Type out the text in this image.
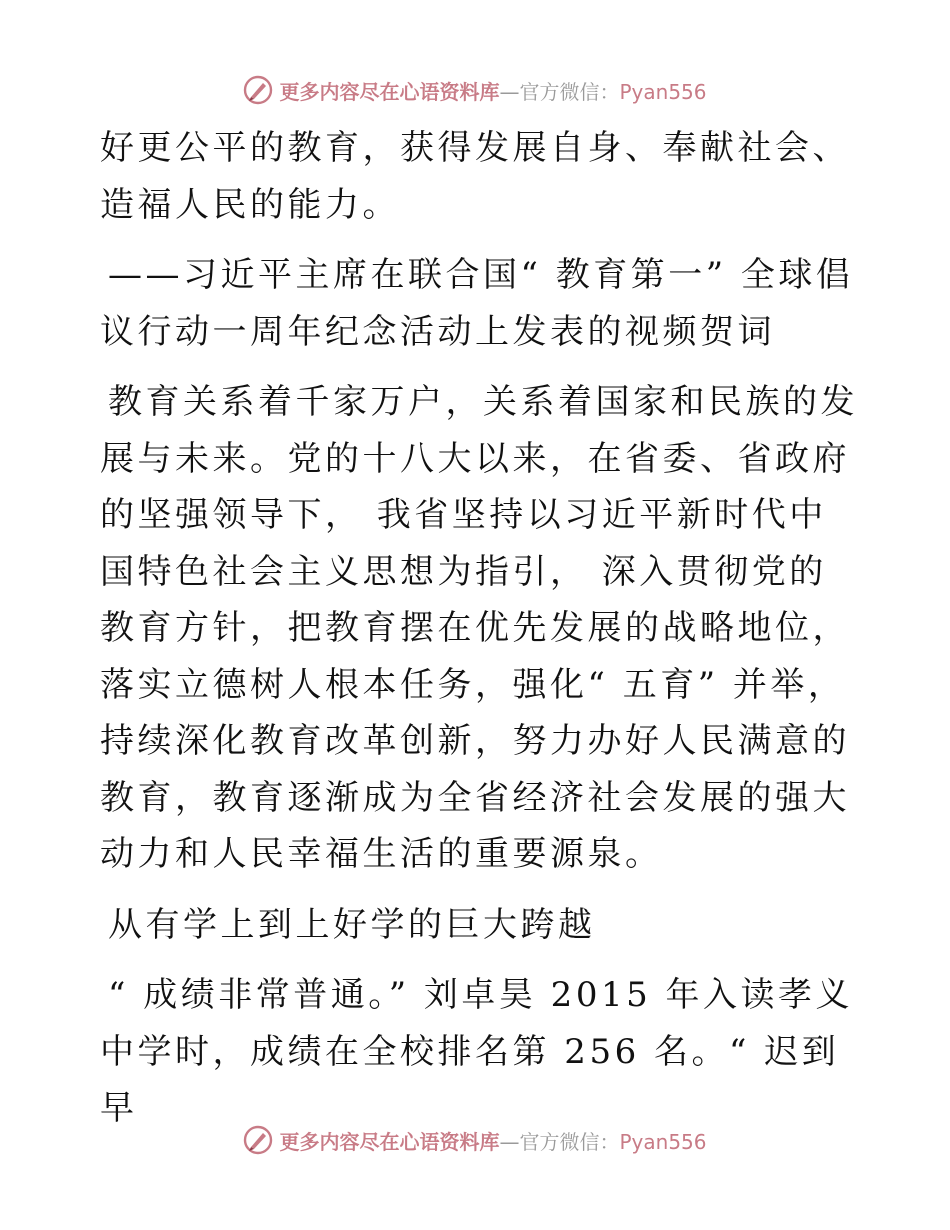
更多内容尽在心语资料库—官方微信：Pyan556

好更公平的教育，获得发展自身、奉献社会、造福人民的能力。

——习近平主席在联合国“ 教育第一” 全球倡议行动一周年纪念活动上发表的视频贺词

教育关系着千家万户，关系着国家和民族的发展与未来。党的十八大以来，在省委、省政府的坚强领导下， 我省坚持以习近平新时代中国特色社会主义思想为指引， 深入贯彻党的教育方针，把教育摆在优先发展的战略地位，落实立德树人根本任务，强化“ 五育” 并举，持续深化教育改革创新，努力办好人民满意的教育，教育逐渐成为全省经济社会发展的强大动力和人民幸福生活的重要源泉。

从有学上到上好学的巨大跨越

“ 成绩非常普通。” 刘卓昊 2015 年入读孝义中学时，成绩在全校排名第 256 名。“ 迟到早

更多内容尽在心语资料库—官方微信：Pyan556
